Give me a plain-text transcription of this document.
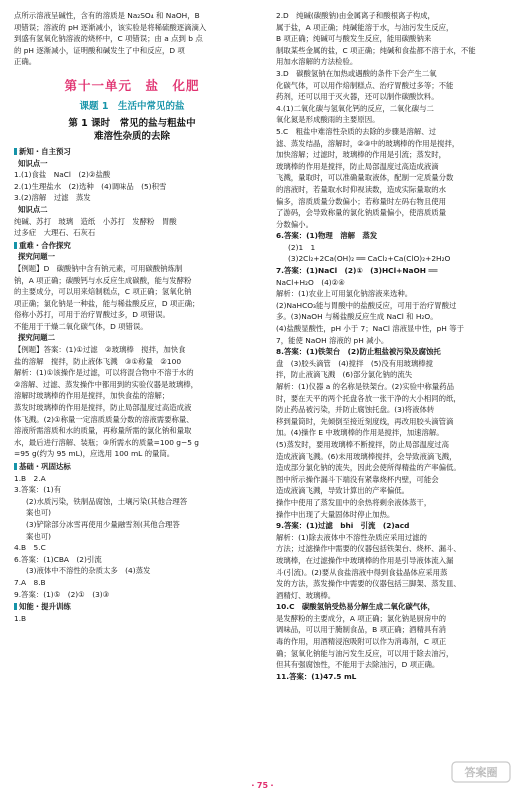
点所示溶液呈碱性，含有的溶质是 Na₂SO₄ 和 NaOH，B

项错误；溶液的 pH 逐渐减小，该实验是将稀硫酸逐滴滴入

到盛有氢氧化钠溶液的烧杯中，C 项错误；由 a 点到 b 点

的 pH 逐渐减小，证明酸和碱发生了中和反应，D 项

正确。

第十一单元　盐　化肥
课题 1　生活中常见的盐
第 1 课时　常见的盐与粗盐中
难溶性杂质的去除
新知・自主预习
知识点一

1.(1)食盐　NaCl　(2)②盐酸

2.(1)生理盐水　(2)选种　(4)调味品　(5)积雪

3.(2)溶解　过滤　蒸发

知识点二

纯碱、苏打　玻璃　造纸　小苏打　发酵粉　胃酸

过多症　大理石、石灰石

重难・合作探究
探究问题一

【例题】D　碳酸钠中含有钠元素，可用碳酸钠炼制

钠，A 项正确；碳酸钙与水反应生成碳酸，能与发酵粉

的主要成分，可以用来焙制糕点，C 项正确；氢氧化钠

项正确；氯化钠是一种盐，能与稀盐酸反应，D 项正确；

俗称小苏打，可用于治疗胃酸过多，D 项错误。

不能用于干燥二氧化碳气体，D 项错误。

探究问题二

【例题】答案：(1)①过滤　②玻璃棒　搅拌，加快食

盐的溶解　搅拌，防止液体飞溅　③①称量　②100

解析：(1)①该操作是过滤，可以将混合物中不溶于水的

②溶解、过滤、蒸发操作中都用到的实验仪器是玻璃棒，

溶解时玻璃棒的作用是搅拌，加快食盐的溶解；

蒸发时玻璃棒的作用是搅拌，防止局部温度过高造成液

体飞溅。(2)①称量一定溶质质量分数的溶液需要称量、

溶液所需溶质和水的质量，再称量所需的氯化钠和量取

水，最后进行溶解、装瓶；③所需水的质量=100 g−5 g

=95 g(约为 95 mL)，应选用 100 mL 的量筒。

基础・巩固达标

1.B　2.A

3.答案：(1)有

(2)水质污染，铁制品腐蚀，土壤污染(其他合理答

案也可)

(3)铲除部分冰雪再使用少量融雪剂(其他合理答

案也可)

4.B　5.C

6.答案：(1)CBA　(2)引流

(3)液体中不溶性的杂质太多　(4)蒸发

7.A　8.B

9.答案：(1)⑤　(2)①　(3)③

知能・提升训练

1.B

2.D　纯碱(碳酸钠)由金属离子和酸根离子构成，

属于盐，A 项正确；纯碱能溶于水，与油污发生反应，

B 项正确；纯碱可与酸发生反应，能用碳酸钠来

制取某些金属的盐，C 项正确；纯碱和食盐都不溶于水，不能

用加水溶解的方法检验。

3.D　碳酸氢钠在加热或遇酸的条件下会产生二氧

化碳气体，可以用作焙制糕点、治疗胃酸过多等；不能

药剂，还可以用于灭火器，还可以制作碳酸饮料。

4.(1)二氧化碳与氢氧化钙的反应，二氧化碳与二

氧化氮是形成酸雨的主要原因。

5.C　粗盐中难溶性杂质的去除的步骤是溶解、过

滤、蒸发结晶，溶解时，②③中的玻璃棒的作用是搅拌，

加快溶解；过滤时，玻璃棒的作用是引流；蒸发时，

玻璃棒的作用是搅拌，防止局部温度过高造成液滴

飞溅，量取时，可以准确量取液体，配制一定质量分数

的溶液时，若量取水时仰视读数，造成实际量取的水

偏多，溶质质量分数偏小；若称量时左码右物且使用

了游码，会导致称量的氯化钠质量偏小，使溶质质量

分数偏小。

6.答案：(1)物理　溶解　蒸发

(2)1　1

(3)2Cl₂+2Ca(OH)₂ ══ CaCl₂+Ca(ClO)₂+2H₂O

7.答案：(1)NaCl　(2)①　(3)HCl+NaOH ══

NaCl+H₂O　(4)②④

解析：(1)农业上可用氯化钠溶液来选种。

(2)NaHCO₃能与胃酸中的盐酸反应，可用于治疗胃酸过

多。(3)NaOH 与稀盐酸反应生成 NaCl 和 H₂O。

(4)盐酸显酸性，pH 小于 7；NaCl 溶液显中性，pH 等于

7，能使 NaOH 溶液的 pH 减小。

8.答案：(1)铁架台　(2)防止粗盐被污染及腐蚀托

盘　(3)胶头滴管　(4)搅拌　(5)没有用玻璃棒搅

拌，防止液滴飞溅　(6)部分氯化钠的流失

解析：(1)仪器 a 的名称是铁架台。(2)实验中称量药品

时，要在天平的两个托盘各放一张干净的大小相同的纸，

防止药品被污染，并防止腐蚀托盘。(3)将液体转

移到量筒时，先倾倒至接近刻度线，再改用胶头滴管滴

加。(4)操作 E 中玻璃棒的作用是搅拌，加速溶解。

(5)蒸发时，要用玻璃棒不断搅拌，防止局部温度过高

造成液滴飞溅。(6)未用玻璃棒搅拌，会导致液滴飞溅，

造成部分氯化钠的流失，因此会使所得精盐的产率偏低。

图中所示操作漏斗下端没有紧靠烧杯内壁，可能会

造成液滴飞溅，导致计算出的产率偏低。

操作中使用了蒸发皿中的余热将剩余液体蒸干，

操作中出现了大量固体时停止加热。

9.答案：(1)过滤　bhi　引流　(2)acd

解析：(1)除去液体中不溶性杂质应采用过滤的

方法；过滤操作中需要的仪器包括铁架台、烧杯、漏斗、

玻璃棒，在过滤操作中玻璃棒的作用是引导液体流入漏

斗(引流)。(2)要从食盐溶液中得到食盐晶体应采用蒸

发的方法，蒸发操作中需要的仪器包括三脚架、蒸发皿、

酒精灯、玻璃棒。

10.C　碳酸氢钠受热易分解生成二氧化碳气体，

是发酵粉的主要成分，A 项正确；氯化钠是厨房中的

调味品，可以用于腌制食品，B 项正确；酒精具有消

毒的作用，用酒精浸泡吸附可以作为消毒剂，C 项正

确；氢氧化钠能与油污发生反应，可以用于除去油污，

但其有强腐蚀性，不能用于去除油污，D 项正确。

11.答案：(1)47.5 mL

・75・
答案圈
